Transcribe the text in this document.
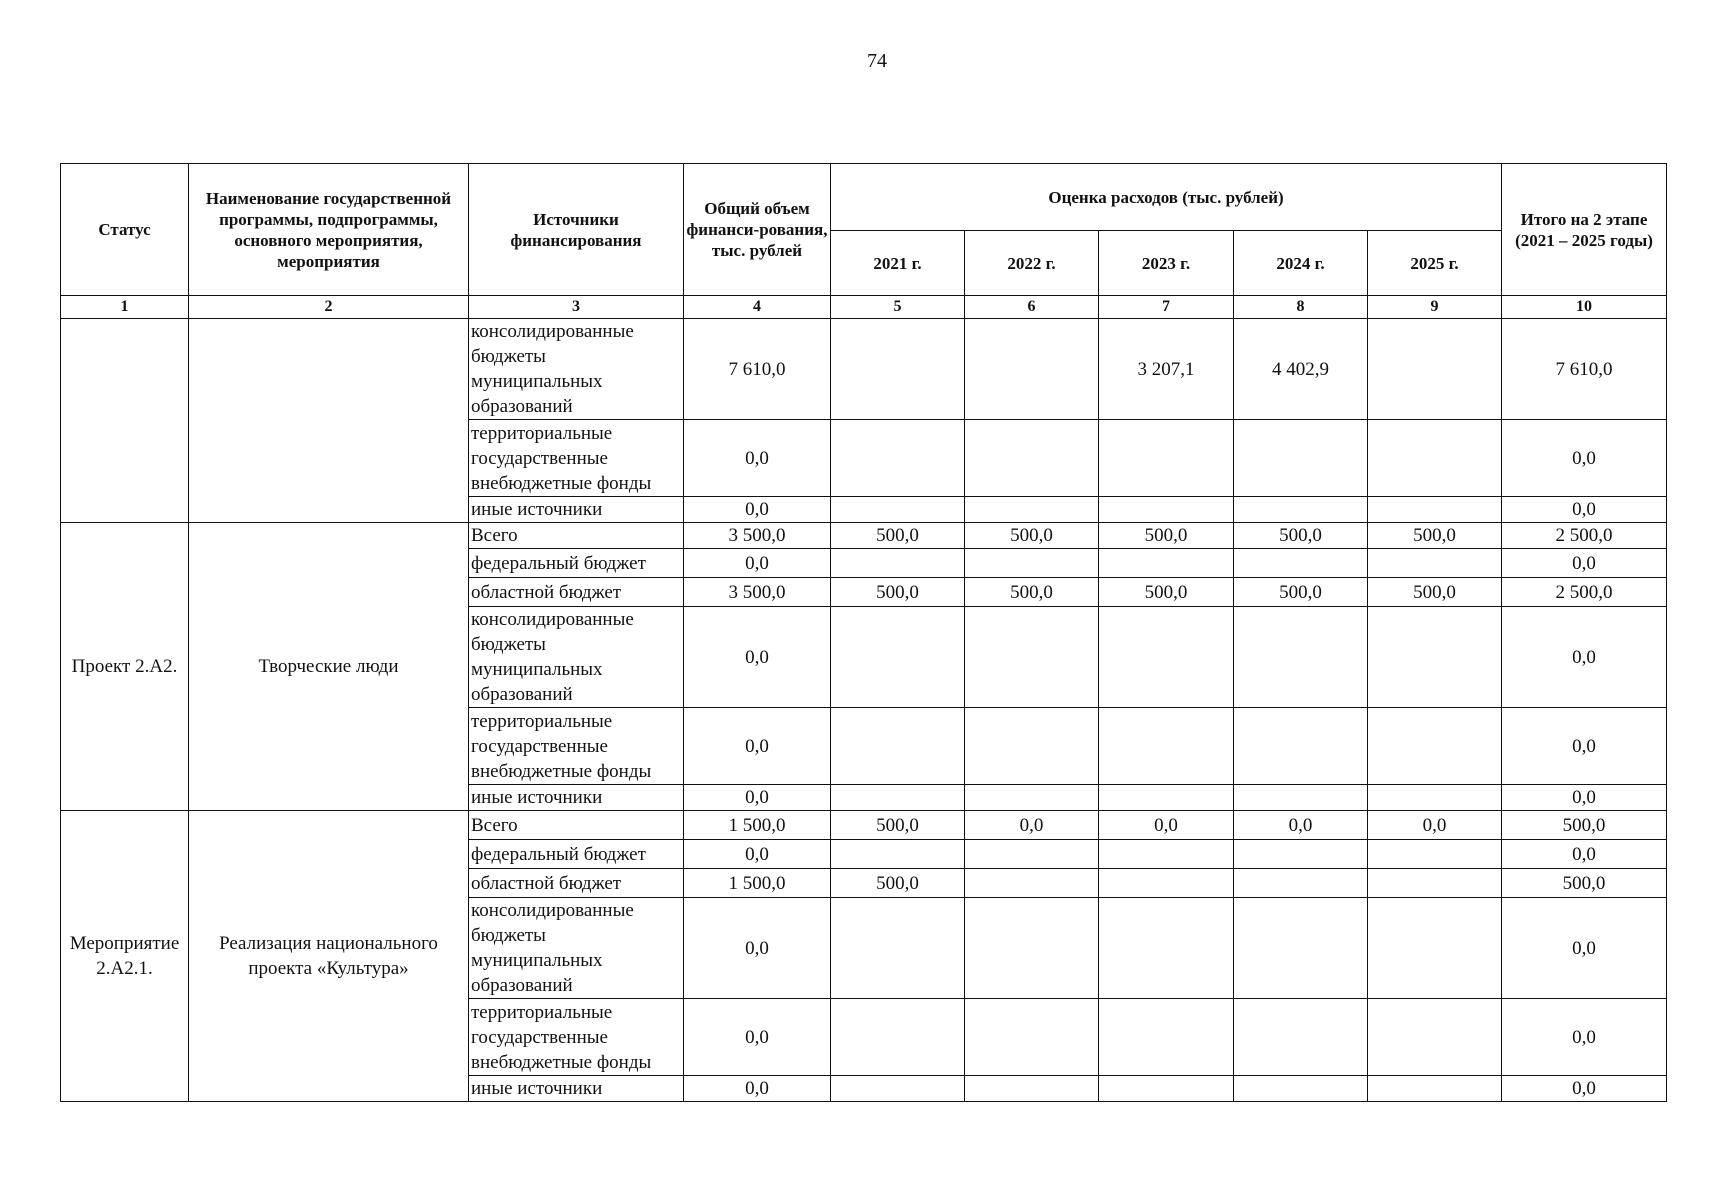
74
Статус	Наименование государственной программы, подпрограммы, основного мероприятия, мероприятия	Источники финансирования	Общий объем финанси-рования, тыс. рублей	Оценка расходов (тыс. рублей)					Итого на 2 этапе (2021 – 2025 годы)
				2021 г.	2022 г.	2023 г.	2024 г.	2025 г.	
1	2	3	4	5	6	7	8	9	10
		консолидированные бюджеты муниципальных образований	7 610,0			3 207,1	4 402,9		7 610,0
		территориальные государственные внебюджетные фонды	0,0						0,0
		иные источники	0,0						0,0
Проект 2.А2.	Творческие люди	Всего	3 500,0	500,0	500,0	500,0	500,0	500,0	2 500,0
		федеральный бюджет	0,0						0,0
		областной бюджет	3 500,0	500,0	500,0	500,0	500,0	500,0	2 500,0
		консолидированные бюджеты муниципальных образований	0,0						0,0
		территориальные государственные внебюджетные фонды	0,0						0,0
		иные источники	0,0						0,0
Мероприятие 2.А2.1.	Реализация национального проекта «Культура»	Всего	1 500,0	500,0	0,0	0,0	0,0	0,0	500,0
		федеральный бюджет	0,0						0,0
		областной бюджет	1 500,0	500,0					500,0
		консолидированные бюджеты муниципальных образований	0,0						0,0
		территориальные государственные внебюджетные фонды	0,0						0,0
		иные источники	0,0						0,0
